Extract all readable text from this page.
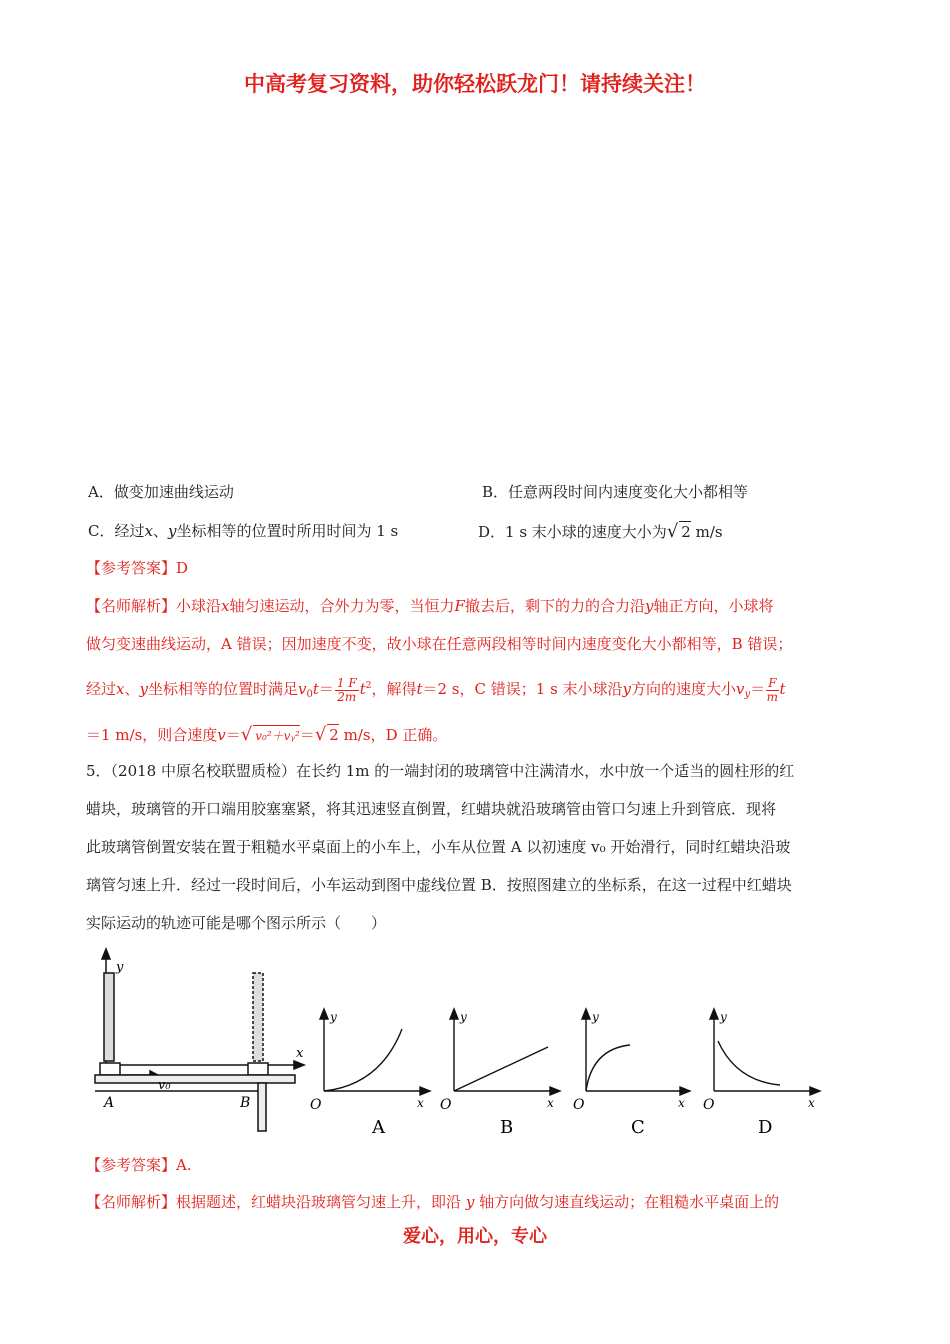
中高考复习资料，助你轻松跃龙门！请持续关注！
A．做变加速曲线运动	B．任意两段时间内速度变化大小都相等
C．经过x、y坐标相等的位置时所用时间为 1 s	D．1 s 末小球的速度大小为√ 2 m/s
【参考答案】D
【名师解析】小球沿x轴匀速运动，合外力为零，当恒力F撤去后，剩下的力的合力沿y轴正方向，小球将
做匀变速曲线运动，A 错误；因加速度不变，故小球在任意两段相等时间内速度变化大小都相等，B 错误；
经过x、y坐标相等的位置时满足$v_0t= \frac{1 F}{2m} t^2$，解得t＝2 s，C 错误；1 s 末小球沿y方向的速度大小$v_y= \frac{F}{m}$ t
＝1 m/s，则合速度v＝√ v₀²＋vᵧ²＝√ 2 m/s，D 正确。
5．（2018 中原名校联盟质检）在长约 1m 的一端封闭的玻璃管中注满清水，水中放一个适当的圆柱形的红
蜡块，玻璃管的开口端用胶塞塞紧，将其迅速竖直倒置，红蜡块就沿玻璃管由管口匀速上升到管底．现将
此玻璃管倒置安装在置于粗糙水平桌面上的小车上，小车从位置 A 以初速度 v₀ 开始滑行，同时红蜡块沿玻
璃管匀速上升．经过一段时间后，小车运动到图中虚线位置 B．按照图建立的坐标系，在这一过程中红蜡块
实际运动的轨迹可能是哪个图示所示（　　）
y
x
v₀
A	B
y
O	x
A
y
O	x
B
y
O	x
C
y
O	x
D
【参考答案】A.
【名师解析】根据题述，红蜡块沿玻璃管匀速上升，即沿 y 轴方向做匀速直线运动；在粗糙水平桌面上的
爱心，用心，专心
